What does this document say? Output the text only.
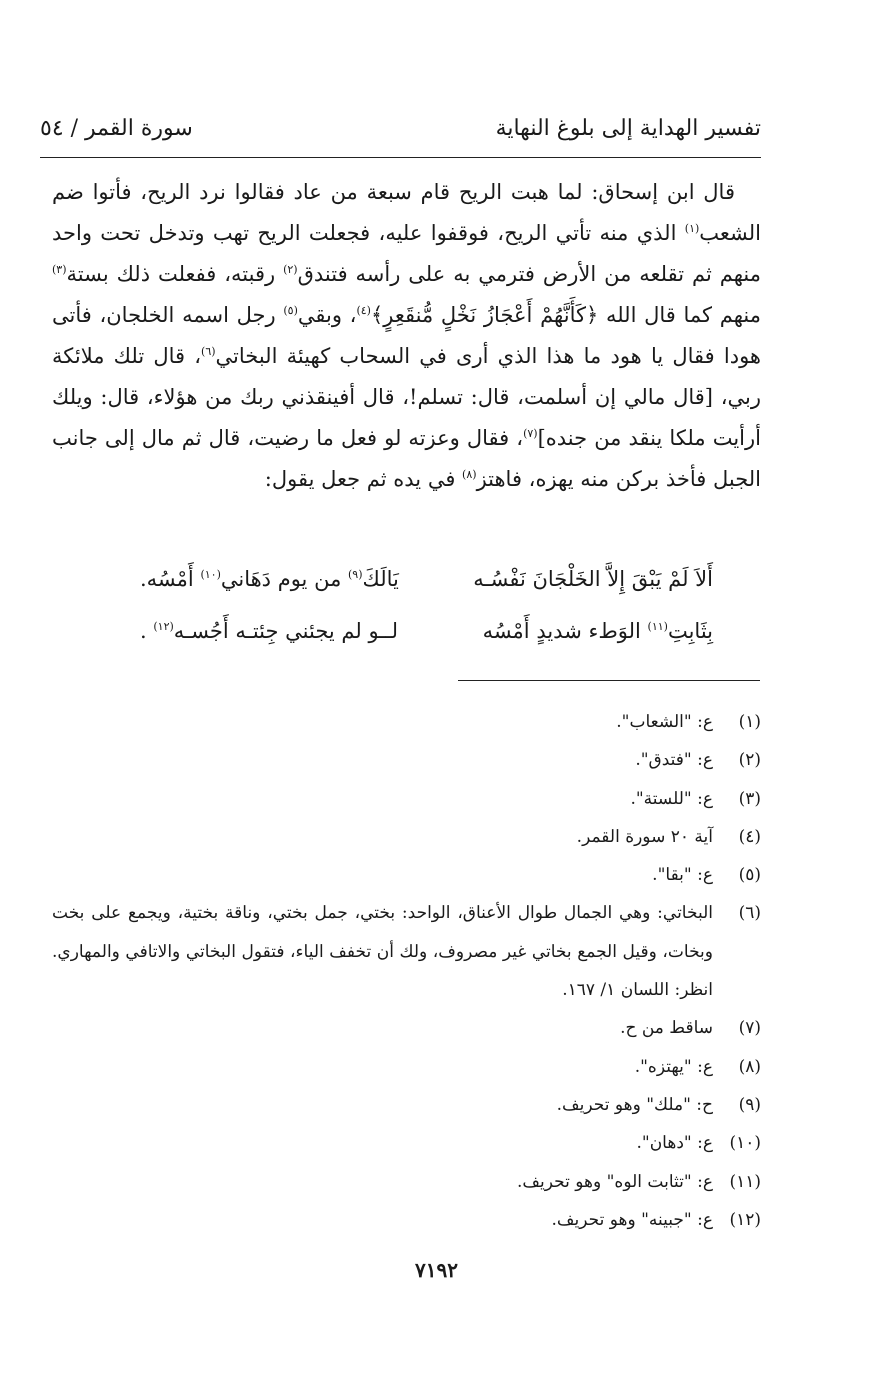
تفسير الهداية إلى بلوغ النهاية
سورة القمر / ٥٤

قال ابن إسحاق: لما هبت الريح قام سبعة من عاد فقالوا نرد الريح، فأتوا ضم الشعب$^{(١)}$ الذي منه تأتي الريح، فوقفوا عليه، فجعلت الريح تهب وتدخل تحت واحد منهم ثم تقلعه من الأرض فترمي به على رأسه فتندق$^{(٢)}$ رقبته، ففعلت ذلك بستة$^{(٣)}$ منهم كما قال الله ﴿كَأَنَّهُمْ أَعْجَازُ نَخْلٍ مُّنقَعِرٍ﴾$^{(٤)}$، وبقي$^{(٥)}$ رجل اسمه الخلجان، فأتى هودا فقال يا هود ما هذا الذي أرى في السحاب كهيئة البخاتي$^{(٦)}$، قال تلك ملائكة ربي، [قال مالي إن أسلمت، قال: تسلم!، قال أفينقذني ربك من هؤلاء، قال: ويلك أرأيت ملكا ينقد من جنده]$^{(٧)}$، فقال وعزته لو فعل ما رضيت، قال ثم مال إلى جانب الجبل فأخذ بركن منه يهزه، فاهتز$^{(٨)}$ في يده ثم جعل يقول:

أَلاَ لَمْ يَبْقَ إِلاَّ الخَلْجَانَ نَفْسُـه
يَالَكَ$^{(٩)}$ من يوم دَهَاني$^{(١٠)}$ أَمْسُه.
بِثَابِتِ$^{(١١)}$ الوَطء شديدٍ أَمْسُه
لــو لم يجئني جِئتـه أَجُسـه$^{(١٢)}$ .
(١)
ع: "الشعاب".
(٢)
ع: "فتدق".
(٣)
ع: "للستة".
(٤)
آية ٢٠ سورة القمر.
(٥)
ع: "بقا".
(٦)
البخاتي: وهي الجمال طوال الأعناق، الواحد: بختي، جمل بختي، وناقة بختية، ويجمع على بخت وبخات، وقيل الجمع بخاتي غير مصروف، ولك أن تخفف الياء، فتقول البخاتي والاتافي والمهاري. انظر: اللسان ١/ ١٦٧.
(٧)
ساقط من ح.
(٨)
ع: "يهتزه".
(٩)
ح: "ملك" وهو تحريف.
(١٠)
ع: "دهان".
(١١)
ع: "تثابت الوه" وهو تحريف.
(١٢)
ع: "جبينه" وهو تحريف.
٧١٩٢
